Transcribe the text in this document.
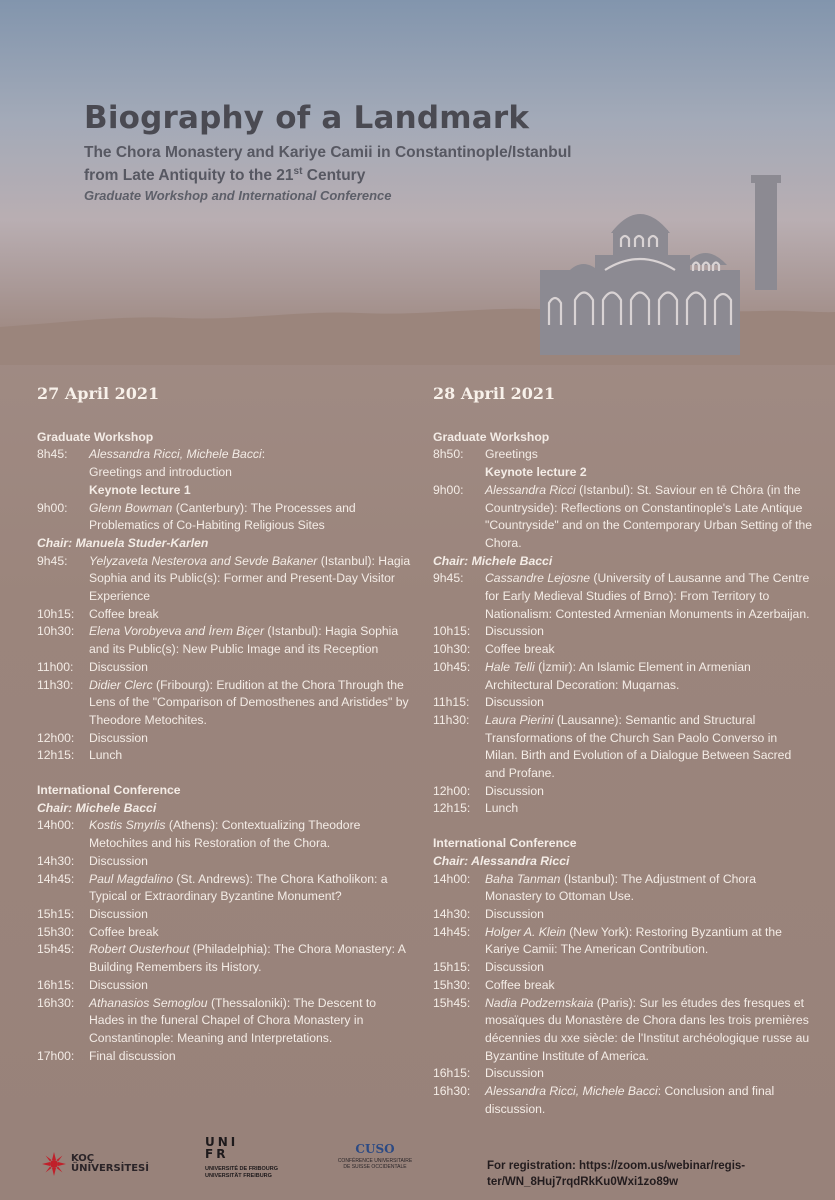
Biography of a Landmark
The Chora Monastery and Kariye Camii in Constantinople/Istanbul
from Late Antiquity to the 21st Century
Graduate Workshop and International Conference
27 April 2021
Graduate Workshop
8h45:	Alessandra Ricci, Michele Bacci:
Greetings and introduction
Keynote lecture 1
9h00:	Glenn Bowman (Canterbury): The Processes and Problematics of Co-Habiting Religious Sites
Chair: Manuela Studer-Karlen
9h45:	Yelyzaveta Nesterova and Sevde Bakaner (Istanbul): Hagia Sophia and its Public(s): Former and Present-Day Visitor Experience
10h15:	Coffee break
10h30:	Elena Vorobyeva and İrem Biçer (Istanbul): Hagia Sophia and its Public(s): New Public Image and its Reception
11h00:	Discussion
11h30:	Didier Clerc (Fribourg): Erudition at the Chora Through the Lens of the "Comparison of Demosthenes and Aristides" by Theodore Metochites.
12h00:	Discussion
12h15:	Lunch
International Conference
Chair: Michele Bacci
14h00:	Kostis Smyrlis (Athens): Contextualizing Theodore Metochites and his Restoration of the Chora.
14h30:	Discussion
14h45:	Paul Magdalino (St. Andrews): The Chora Katholikon: a Typical or Extraordinary Byzantine Monument?
15h15:	Discussion
15h30:	Coffee break
15h45:	Robert Ousterhout (Philadelphia): The Chora Monastery: A Building Remembers its History.
16h15:	Discussion
16h30:	Athanasios Semoglou (Thessaloniki): The Descent to Hades in the funeral Chapel of Chora Monastery in Constantinople: Meaning and Interpretations.
17h00:	Final discussion
28 April 2021
Graduate Workshop
8h50:	Greetings
Keynote lecture 2
9h00:	Alessandra Ricci (Istanbul): St. Saviour en tē Chôra (in the Countryside): Reflections on Constantinople's Late Antique "Countryside" and on the Contemporary Urban Setting of the Chora.
Chair: Michele Bacci
9h45:	Cassandre Lejosne (University of Lausanne and The Centre for Early Medieval Studies of Brno): From Territory to Nationalism: Contested Armenian Monuments in Azerbaijan.
10h15:	Discussion
10h30:	Coffee break
10h45:	Hale Telli (İzmir): An Islamic Element in Armenian Architectural Decoration: Muqarnas.
11h15:	Discussion
11h30:	Laura Pierini (Lausanne): Semantic and Structural Transformations of the Church San Paolo Converso in Milan. Birth and Evolution of a Dialogue Between Sacred and Profane.
12h00:	Discussion
12h15:	Lunch
International Conference
Chair: Alessandra Ricci
14h00:	Baha Tanman (Istanbul): The Adjustment of Chora Monastery to Ottoman Use.
14h30:	Discussion
14h45:	Holger A. Klein (New York): Restoring Byzantium at the Kariye Camii: The American Contribution.
15h15:	Discussion
15h30:	Coffee break
15h45:	Nadia Podzemskaia (Paris): Sur les études des fresques et mosaïques du Monastère de Chora dans les trois premières décennies du xxe siècle: de l'Institut archéologique russe au Byzantine Institute of America.
16h15:	Discussion
16h30:	Alessandra Ricci, Michele Bacci: Conclusion and final discussion.
KOÇ
ÜNİVERSİTESİ
UNI
FR
UNIVERSITÉ DE FRIBOURG
UNIVERSITÄT FREIBURG
CUSO
CONFÉRENCE UNIVERSITAIRE
DE SUISSE OCCIDENTALE	For registration: https://zoom.us/webinar/regis-
ter/WN_8Huj7rqdRkKu0Wxi1zo89w
